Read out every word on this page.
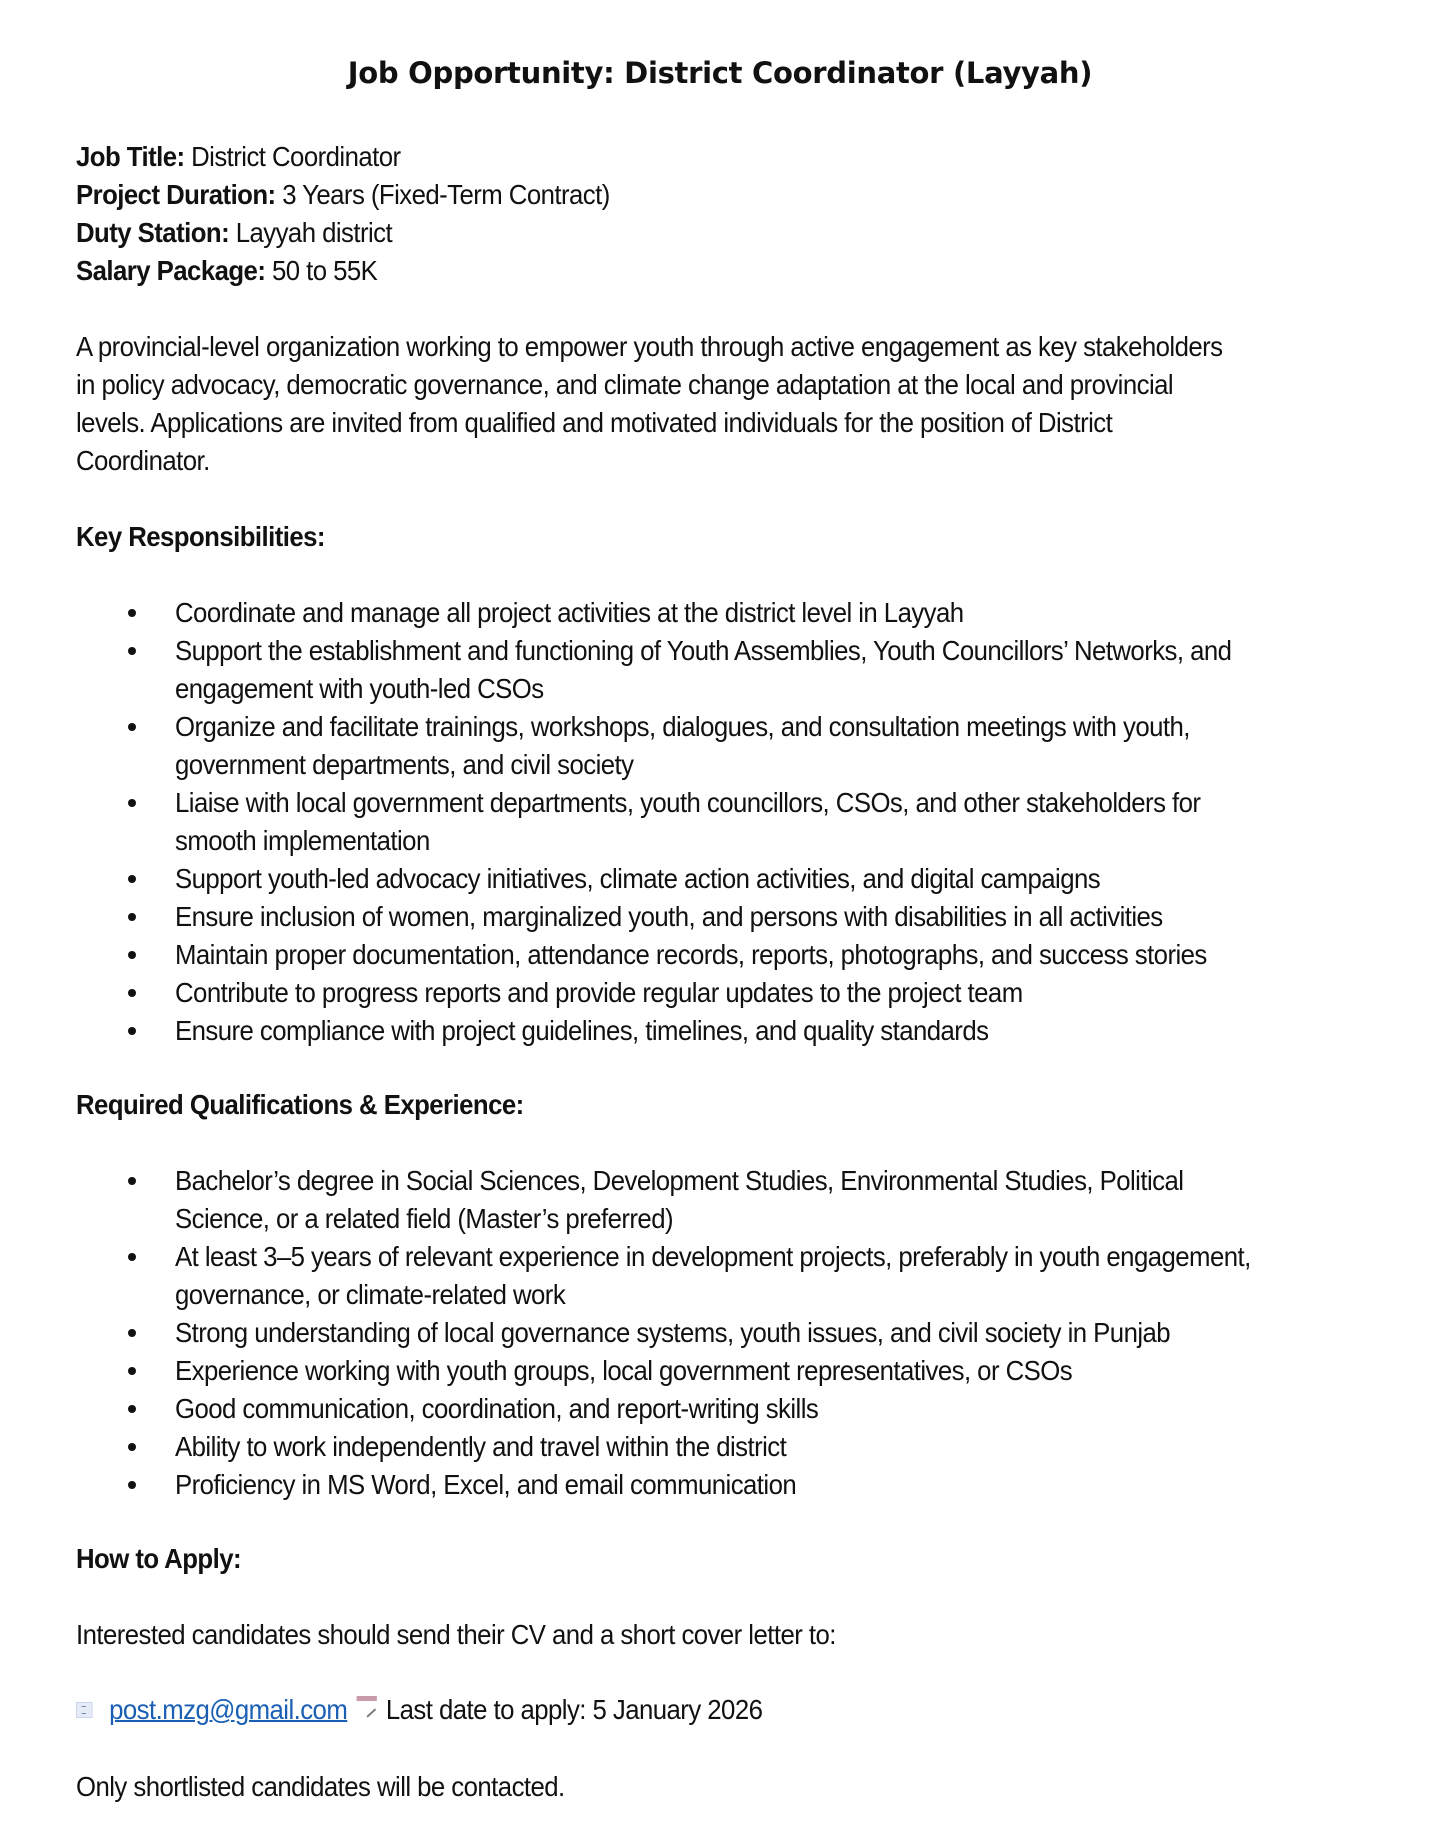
Job Opportunity: District Coordinator (Layyah)
Job Title: District Coordinator
Project Duration: 3 Years (Fixed-Term Contract)
Duty Station: Layyah district
Salary Package: 50 to 55K
A provincial-level organization working to empower youth through active engagement as key stakeholders
in policy advocacy, democratic governance, and climate change adaptation at the local and provincial
levels. Applications are invited from qualified and motivated individuals for the position of District
Coordinator.
Key Responsibilities:
Coordinate and manage all project activities at the district level in Layyah
Support the establishment and functioning of Youth Assemblies, Youth Councillors’ Networks, and
engagement with youth-led CSOs
Organize and facilitate trainings, workshops, dialogues, and consultation meetings with youth,
government departments, and civil society
Liaise with local government departments, youth councillors, CSOs, and other stakeholders for
smooth implementation
Support youth-led advocacy initiatives, climate action activities, and digital campaigns
Ensure inclusion of women, marginalized youth, and persons with disabilities in all activities
Maintain proper documentation, attendance records, reports, photographs, and success stories
Contribute to progress reports and provide regular updates to the project team
Ensure compliance with project guidelines, timelines, and quality standards
Required Qualifications & Experience:
Bachelor’s degree in Social Sciences, Development Studies, Environmental Studies, Political
Science, or a related field (Master’s preferred)
At least 3–5 years of relevant experience in development projects, preferably in youth engagement,
governance, or climate-related work
Strong understanding of local governance systems, youth issues, and civil society in Punjab
Experience working with youth groups, local government representatives, or CSOs
Good communication, coordination, and report-writing skills
Ability to work independently and travel within the district
Proficiency in MS Word, Excel, and email communication
How to Apply:
Interested candidates should send their CV and a short cover letter to:
post.mzg@gmail.com Last date to apply: 5 January 2026
Only shortlisted candidates will be contacted.
